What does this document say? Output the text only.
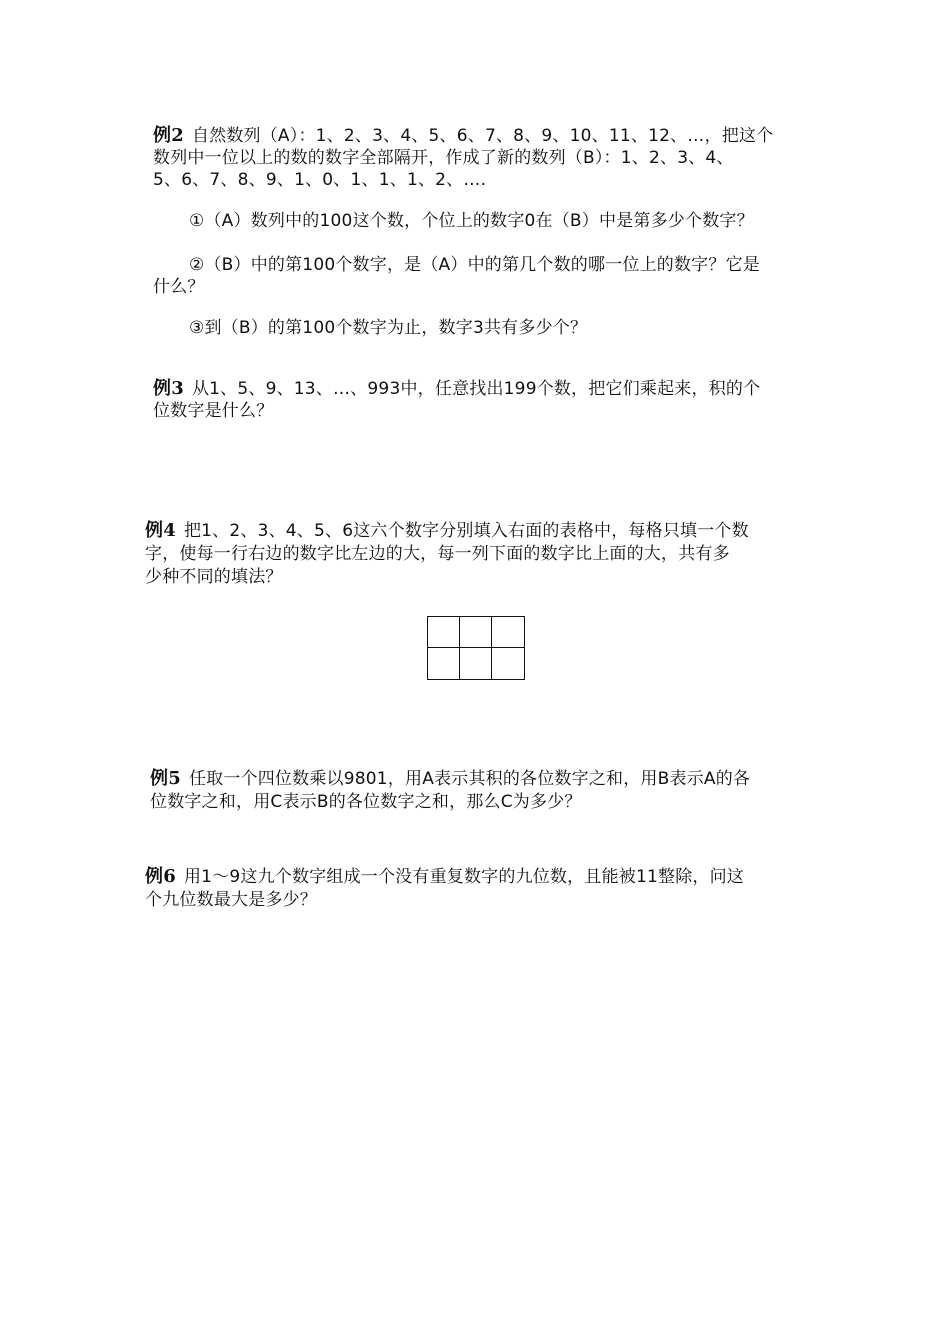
例2 自然数列（A）：1、2、3、4、5、6、7、8、9、10、11、12、…，把这个
数列中一位以上的数的数字全部隔开，作成了新的数列（B）：1、2、3、4、
5、6、7、8、9、1、0、1、1、1、2、….
①（A）数列中的100这个数，个位上的数字0在（B）中是第多少个数字？
②（B）中的第100个数字，是（A）中的第几个数的哪一位上的数字？它是
什么？
③到（B）的第100个数字为止，数字3共有多少个？
例3 从1、5、9、13、…、993中，任意找出199个数，把它们乘起来，积的个
位数字是什么？
例4 把1、2、3、4、5、6这六个数字分别填入右面的表格中，每格只填一个数
字，使每一行右边的数字比左边的大，每一列下面的数字比上面的大，共有多
少种不同的填法？
例5 任取一个四位数乘以9801，用A表示其积的各位数字之和，用B表示A的各
位数字之和，用C表示B的各位数字之和，那么C为多少？
例6 用1～9这九个数字组成一个没有重复数字的九位数，且能被11整除，问这
个九位数最大是多少？
